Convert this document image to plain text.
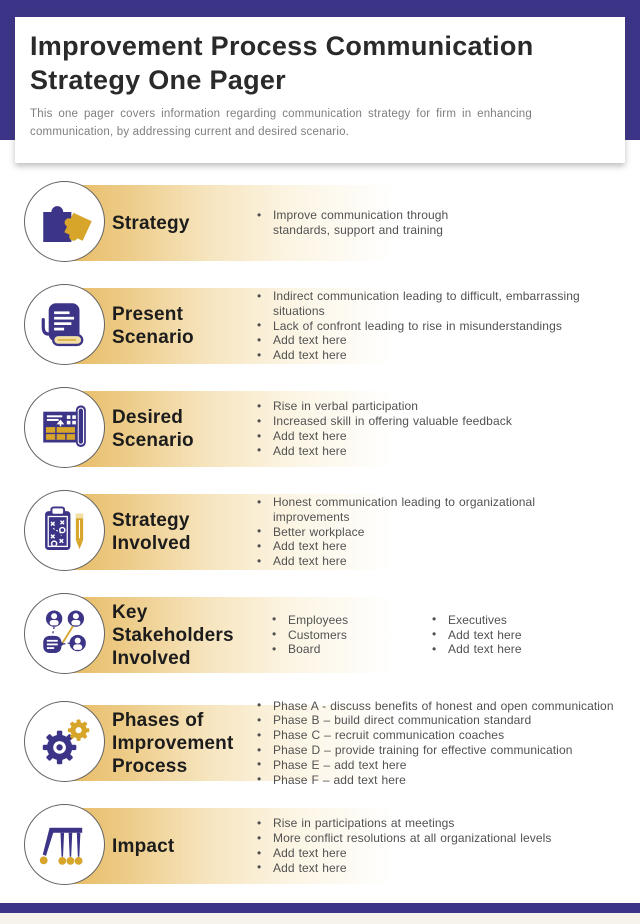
Improvement Process Communication Strategy One Pager
This one pager covers information regarding communication strategy for firm in enhancing communication, by addressing current and desired scenario.
Strategy	• Improve communication through standards, support and training
Present Scenario
• Indirect communication leading to difficult, embarrassing situations
• Lack of confront leading to rise in misunderstandings
• Add text here
• Add text here
Desired Scenario
• Rise in verbal participation
• Increased skill in offering valuable feedback
• Add text here
• Add text here
Strategy Involved
• Honest communication leading to organizational improvements
• Better workplace
• Add text here
• Add text here
Key Stakeholders Involved
• Employees
• Customers
• Board
• Executives
• Add text here
• Add text here
Phases of Improvement Process
• Phase A - discuss benefits of honest and open communication
• Phase B – build direct communication standard
• Phase C – recruit communication coaches
• Phase D – provide training for effective communication
• Phase E – add text here
• Phase F – add text here
Impact
• Rise in participations at meetings
• More conflict resolutions at all organizational levels
• Add text here
• Add text here
